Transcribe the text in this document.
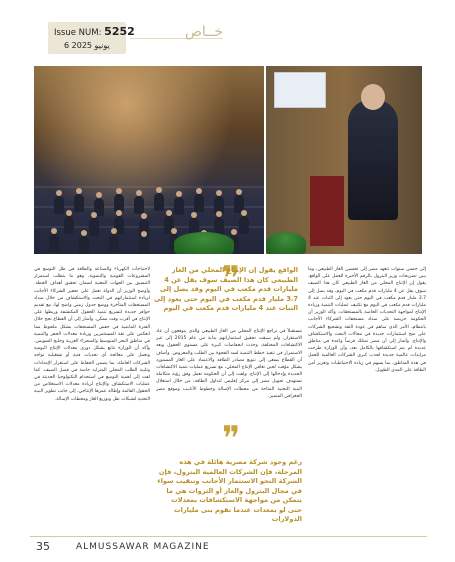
Issue NUM: 5252
6 يونيو 2025
خــاص
❞
الواقع يقول إن الإنتاج المحلي من الغاز الطبيعي كان هذا الصيف سوف يقل عن 4 مليارات قدم مكعب في اليوم وقد يصل إلى 3.7 مليار قدم مكعب في اليوم حتى يعود إلى الثبات عند 4 مليارات قدم مكعب في اليوم
لاحتياجات الكهرباء والصناعة والطاقة في ظل التوسع في المشروعات القومية والتنموية، وهو ما يتطلب استمرار التنسيق بين الجهات المعنية لضمان تحقيق أهداف الخطة. وأوضح الوزير أن الدولة تعمل على تحفيز الشركاء الأجانب لزيادة استثماراتهم في البحث والاستكشاف من خلال سداد المستحقات المتأخرة ووضع جدول زمني واضح لها، مع تقديم حوافز جديدة لتسريع تنمية الحقول المكتشفة وربطها على الإنتاج في أقرب وقت ممكن. وأشار إلى أن القطاع نجح خلال الفترة الماضية في خفض المستحقات بشكل ملحوظ مما انعكس على ثقة المستثمرين وزيادة معدلات الحفر والتنمية في مناطق البحر المتوسط والصحراء الغربية وخليج السويس. وأكد أن الوزارة تتابع بشكل دوري معدلات الإنتاج اليومية وتعمل على معالجة أي تحديات فنية أو تشغيلية تواجه الشركات العاملة، بما يضمن الحفاظ على استقرار الإمدادات وتلبية الطلب المحلي المتزايد خاصة في فصل الصيف. كما لفت إلى أهمية التوسع في استخدام التكنولوجيا الحديثة في عمليات الاستكشاف والإنتاج لزيادة معدلات الاستخلاص من الحقول القائمة وإطالة عمرها الإنتاجي، إلى جانب تطوير البنية التحتية لشبكات نقل وتوزيع الغاز ومحطات الإسالة.
مستقبلاً في تراجع الإنتاج المحلي من الغاز الطبيعي والذي يتوقعون أن عاد الاستقرار، ولم سبقت تحقيق استثماراتهم بداية من عام 2015 إلى عبر الاكتشافات المختلفة، وحدث انخفاضات كبيرة على مستوى الحقول وبعد الاستمرار في تنفيذ خطط التنمية لسد الفجوة بين الطلب والمعروض. وأضاف أن القطاع يسعى إلى تنويع مصادر الطاقة والاعتماد على الغاز المستورد بشكل مؤقت لحين تعافي الإنتاج المحلي، مع تسريع عمليات تنمية الاكتشافات الجديدة وإدخالها إلى الإنتاج. ولفت إلى أن الحكومة تعمل وفق رؤية متكاملة تستهدف تحويل مصر إلى مركز إقليمي لتداول الطاقة، من خلال استغلال البنية التحتية المتاحة من محطات الإسالة وخطوط الأنابيب وموقع مصر الجغرافي المتميز.
إلى خمس سنوات تتعهد مصر إلى تحسين الغاز الطبيعي، وما يبين تصريحات وزير البترول بالرقم الأخيرة للعمل على الواقع. يقول إن الإنتاج المحلي من الغاز الطبيعي كان هذا الصيف سوف يقل عن 4 مليارات قدم مكعب في اليوم، وقد يصل إلى 3.7 مليار قدم مكعب في اليوم حتى يعود إلى الثبات عند 4 مليارات قدم مكعب في اليوم مع تكثيف عمليات التنمية وزيادة الإنتاج لمواجهة التحديات الخاصة بالمستحقات. وأكد الوزير أن الحكومة حريصة على سداد مستحقات الشركاء الأجانب بانتظام، الأمر الذي ساهم في عودة الثقة وتشجيع الشركات على ضخ استثمارات جديدة في مجالات البحث والاستكشاف والإنتاج. وأشار إلى أن مصر تمتلك فرصاً واعدة في مناطق عديدة لم يتم استكشافها بالكامل بعد، وأن الوزارة طرحت مزايدات عالمية جديدة لجذب كبرى الشركات العالمية للعمل في هذه المناطق، بما يسهم في زيادة الاحتياطيات وتعزيز أمن الطاقة على المدى الطويل.
❞
رغم وجود شركة مصرية هائلة في هذه المرحلة، فإن الشركات العالمية البترول، فإن الشركة النحو الاستثمار الأجانب وتنقيب سواء في مجال البترول والغاز أو الثروات هي ما يتمكن من مواجهة الاستكشافات بمعدلات حتى لو بمعدات عندما تقوم بنى مليارات الدولارات
35	ALMUSSAWAR MAGAZINE
